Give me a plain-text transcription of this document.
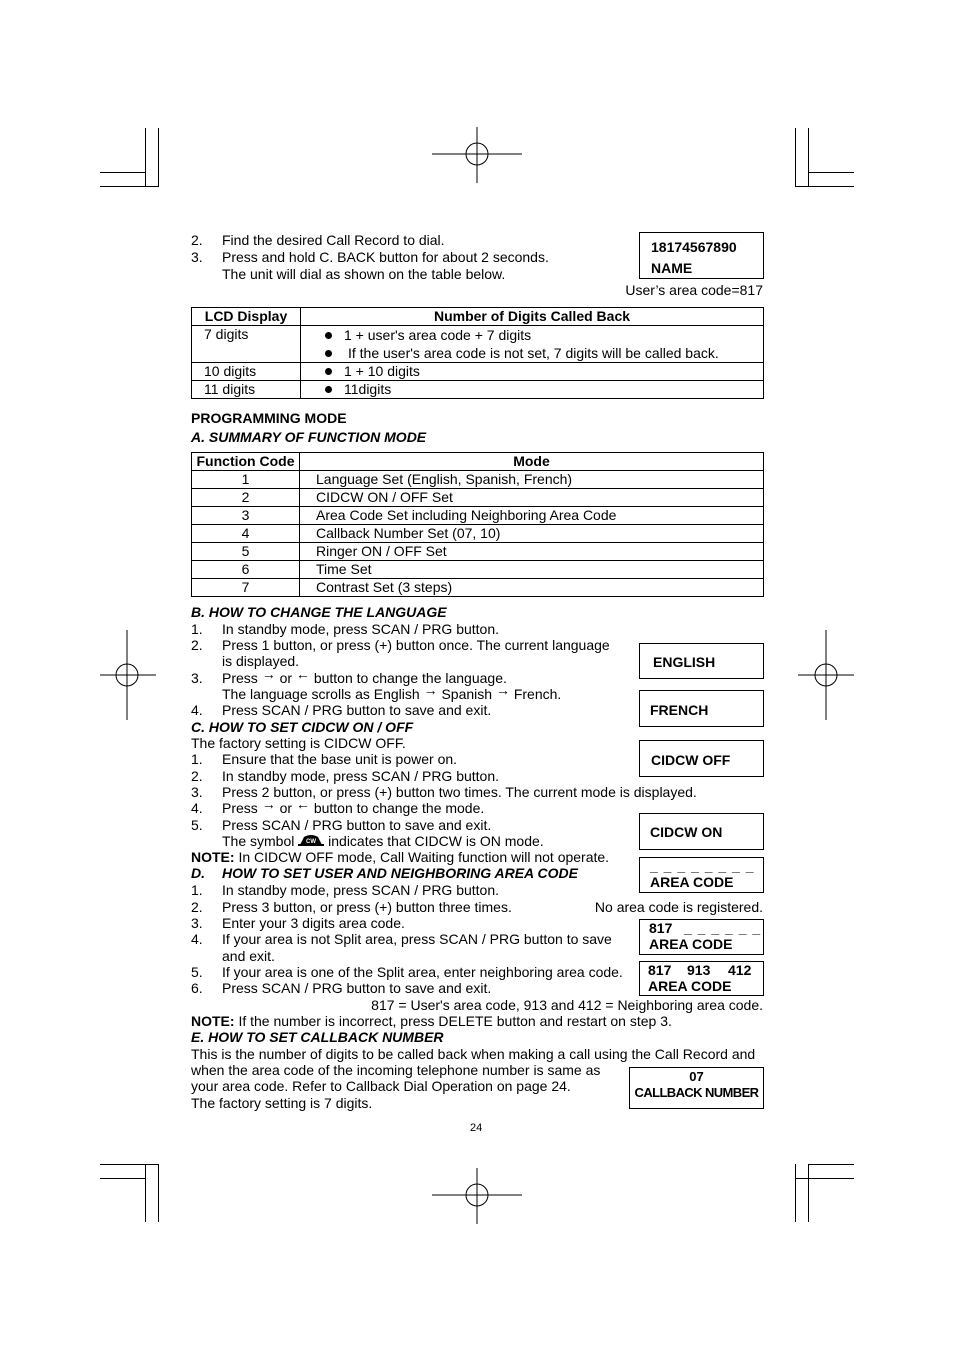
2. Find the desired Call Record to dial.
3. Press and hold C. BACK button for about 2 seconds.
The unit will dial as shown on the table below.
18174567890
NAME
User’s area code=817
LCD Display	Number of Digits Called Back
7 digits	1 + user's area code + 7 digits
If the user's area code is not set, 7 digits will be called back.

10 digits	1 + 10 digits
11 digits	11digits
PROGRAMMING MODE
A. SUMMARY OF FUNCTION MODE
Function Code	Mode
1	Language Set (English, Spanish, French)
2	CIDCW ON / OFF Set
3	Area Code Set including Neighboring Area Code
4	Callback Number Set (07, 10)
5	Ringer ON / OFF Set
6	Time Set
7	Contrast Set (3 steps)
B. HOW TO CHANGE THE LANGUAGE
1. In standby mode, press SCAN / PRG button.
2. Press 1 button, or press (+) button once. The current language
is displayed.
3. Press → or ← button to change the language.
The language scrolls as English → Spanish → French.
4. Press SCAN / PRG button to save and exit.
ENGLISH
FRENCH
C. HOW TO SET CIDCW ON / OFF
The factory setting is CIDCW OFF.
1. Ensure that the base unit is power on.
2. In standby mode, press SCAN / PRG button.
3. Press 2 button, or press (+) button two times. The current mode is displayed.
4. Press → or ← button to change the mode.
5. Press SCAN / PRG button to save and exit.
The symbol CW indicates that CIDCW is ON mode.
NOTE: In CIDCW OFF mode, Call Waiting function will not operate.
CIDCW OFF
CIDCW ON
D. HOW TO SET USER AND NEIGHBORING AREA CODE
1. In standby mode, press SCAN / PRG button.
2. Press 3 button, or press (+) button three times.	No area code is registered.
3. Enter your 3 digits area code.
4. If your area is not Split area, press SCAN / PRG button to save
and exit.
5. If your area is one of the Split area, enter neighboring area code.
6. Press SCAN / PRG button to save and exit.
817 = User's area code, 913 and 412 = Neighboring area code.
NOTE: If the number is incorrect, press DELETE button and restart on step 3.
_ _ _ _ _ _ _ _
AREA CODE
817 _ _ _ _ _ _
AREA CODE
817 913 412
AREA CODE
E. HOW TO SET CALLBACK NUMBER
This is the number of digits to be called back when making a call using the Call Record and
when the area code of the incoming telephone number is same as
your area code. Refer to Callback Dial Operation on page 24.
The factory setting is 7 digits.
07
CALLBACK NUMBER
24
